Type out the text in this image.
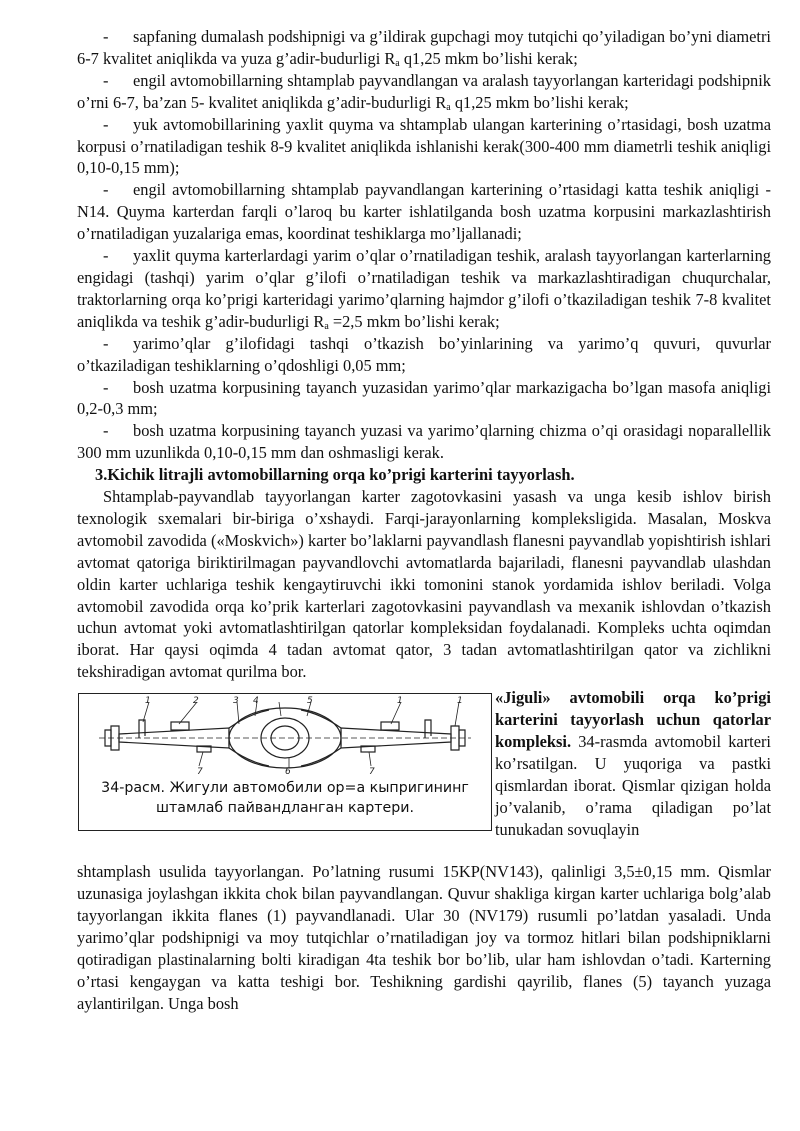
- sapfaning dumalash podshipnigi va g’ildirak gupchagi moy tutqichi qo’yiladigan bo’yni diametri 6-7 kvalitet aniqlikda va yuza g’adir-budurligi $R_a$ q1,25 mkm bo’lishi kerak;

- engil avtomobillarning shtamplab payvandlangan va aralash tayyorlangan karteridagi podshipnik o’rni 6-7, ba’zan 5- kvalitet aniqlikda g’adir-budurligi $R_a$ q1,25 mkm bo’lishi kerak;

- yuk avtomobillarining yaxlit quyma va shtamplab ulangan karterining o’rtasidagi, bosh uzatma korpusi o’rnatiladigan teshik 8-9 kvalitet aniqlikda ishlanishi kerak(300-400 mm diametrli teshik aniqligi 0,10-0,15 mm);

- engil avtomobillarning shtamplab payvandlangan karterining o’rtasidagi katta teshik aniqligi - N14. Quyma karterdan farqli o’laroq bu karter ishlatilganda bosh uzatma korpusini markazlashtirish o’rnatiladigan yuzalariga emas, koordinat teshiklarga mo’ljallanadi;

- yaxlit quyma karterlardagi yarim o’qlar o’rnatiladigan teshik, aralash tayyorlangan karterlarning engidagi (tashqi) yarim o’qlar g’ilofi o’rnatiladigan teshik va markazlashtiradigan chuqurchalar, traktorlarning orqa ko’prigi karteridagi yarimo’qlarning hajmdor g’ilofi o’tkaziladigan teshik 7-8 kvalitet aniqlikda va teshik g’adir-budurligi $R_a =2,5$ mkm bo’lishi kerak;

- yarimo’qlar g’ilofidagi tashqi o’tkazish bo’yinlarining va yarimo’q quvuri, quvurlar o’tkaziladigan teshiklarning o’qdoshligi 0,05 mm;

- bosh uzatma korpusining tayanch yuzasidan yarimo’qlar markazigacha bo’lgan masofa aniqligi 0,2-0,3 mm;

- bosh uzatma korpusining tayanch yuzasi va yarimo’qlarning chizma o’qi orasidagi noparallellik 300 mm uzunlikda 0,10-0,15 mm dan oshmasligi kerak.

3.Kichik litrajli avtomobillarning orqa ko’prigi karterini tayyorlash.

Shtamplab-payvandlab tayyorlangan karter zagotovkasini yasash va unga kesib ishlov birish texnologik sxemalari bir-biriga o’xshaydi. Farqi-jarayonlarning kompleksligida. Masalan, Moskva avtomobil zavodida («Moskvich») karter bo’laklarni payvandlash flanesni payvandlab yopishtirish ishlari avtomat qatoriga biriktirilmagan payvandlovchi avtomatlarda bajariladi, flanesni payvandlab ulashdan oldin karter uchlariga teshik kengaytiruvchi ikki tomonini stanok yordamida ishlov beriladi. Volga avtomobil zavodida orqa ko’prik karterlari zagotovkasini payvandlash va mexanik ishlovdan o’tkazish uchun avtomat yoki avtomatlashtirilgan qatorlar kompleksidan foydalanadi. Kompleks uchta oqimdan iborat. Har qaysi oqimda 4 tadan avtomat qator, 3 tadan avtomatlashtirilgan qator va zichlikni tekshiradigan avtomat qurilma bor.

1	2	3 4	5	1	1
7	6	7
34-расм. Жигули автомобили ор=а кыпригининг
штамлаб пайвандланган картери.

«Jiguli» avtomobili orqa ko’prigi karterini tayyorlash uchun qatorlar kompleksi. 34-rasmda avtomobil karteri ko’rsatilgan. U yuqoriga va pastki qismlardan iborat. Qismlar qizigan holda jo’valanib, o’rama qiladigan po’lat tunukadan sovuqlayin

shtamplash usulida tayyorlangan. Po’latning rusumi 15KP(NV143), qalinligi 3,5±0,15 mm. Qismlar uzunasiga joylashgan ikkita chok bilan payvandlangan. Quvur shakliga kirgan karter uchlariga bolg’alab tayyorlangan ikkita flanes (1) payvandlanadi. Ular 30 (NV179) rusumli po’latdan yasaladi. Unda yarimo’qlar podshipnigi va moy tutqichlar o’rnatiladigan joy va tormoz hitlari bilan podshipniklarni qotiradigan plastinalarning bolti kiradigan 4ta teshik bor bo’lib, ular ham ishlovdan o’tadi. Karterning o’rtasi kengaygan va katta teshigi bor. Teshikning gardishi qayrilib, flanes (5) tayanch yuzaga aylantirilgan. Unga bosh
